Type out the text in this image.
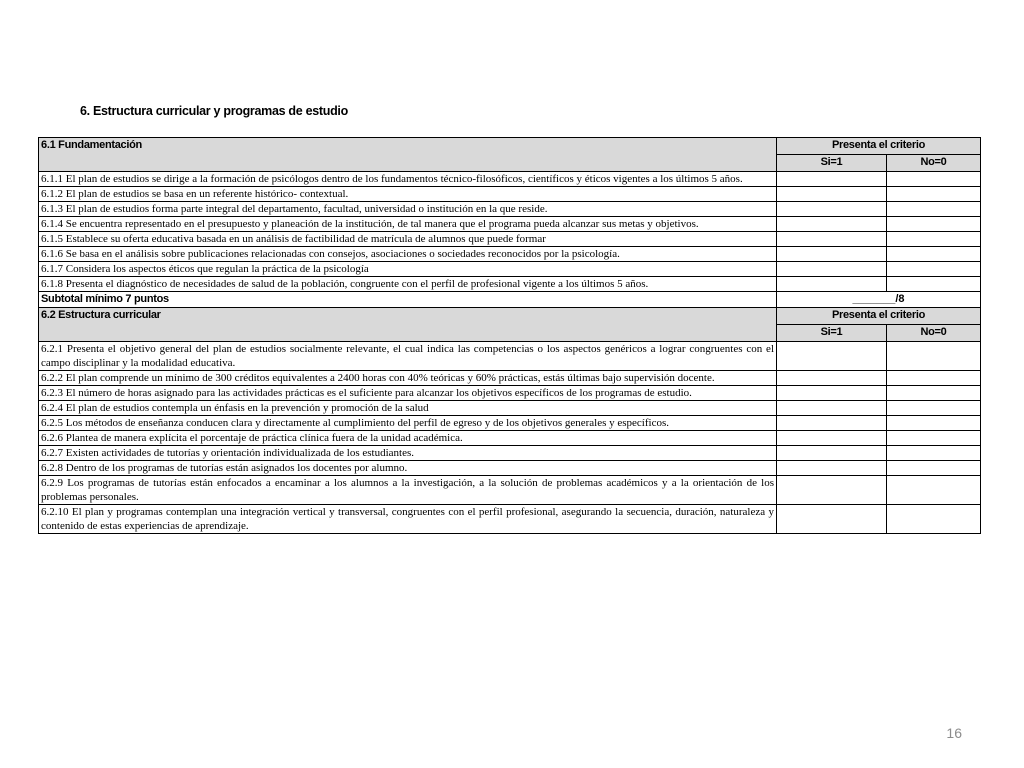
6. Estructura curricular y programas de estudio
6.1 Fundamentación	Presenta el criterio	
	Si=1	No=0
6.1.1 El plan de estudios se dirige a la formación de psicólogos dentro de los fundamentos técnico-filosóficos, científicos y éticos vigentes a los últimos 5 años.		
6.1.2 El plan de estudios se basa en un referente histórico- contextual.		
6.1.3 El plan de estudios forma parte integral del departamento, facultad, universidad o institución en la que reside.		
6.1.4 Se encuentra representado en el presupuesto y planeación de la institución, de tal manera que el programa pueda alcanzar sus metas y objetivos.		
6.1.5 Establece su oferta educativa basada en un análisis de factibilidad de matrícula de alumnos que puede formar		
6.1.6 Se basa en el análisis sobre publicaciones relacionadas con consejos, asociaciones o sociedades reconocidos por la psicología.		
6.1.7 Considera los aspectos éticos que regulan la práctica de la psicología		
6.1.8 Presenta el diagnóstico de necesidades de salud de la población, congruente con el perfil de profesional vigente a los últimos 5 años.		
Subtotal mínimo 7 puntos	_______/8	
6.2 Estructura curricular	Presenta el criterio	
	Si=1	No=0
6.2.1 Presenta el objetivo general del plan de estudios socialmente relevante, el cual indica las competencias o los aspectos genéricos a lograr congruentes con el campo disciplinar y la modalidad educativa.		
6.2.2 El plan comprende un mínimo de 300 créditos equivalentes a 2400 horas con 40% teóricas y 60% prácticas, estás últimas bajo supervisión docente.		
6.2.3 El número de horas asignado para las actividades prácticas es el suficiente para alcanzar los objetivos específicos de los programas de estudio.		
6.2.4 El plan de estudios contempla un énfasis en la prevención y promoción de la salud		
6.2.5 Los métodos de enseñanza conducen clara y directamente al cumplimiento del perfil de egreso y de los objetivos generales y específicos.		
6.2.6 Plantea de manera explícita el porcentaje de práctica clínica fuera de la unidad académica.		
6.2.7 Existen actividades de tutorías y orientación individualizada de los estudiantes.		
6.2.8 Dentro de los programas de tutorías están asignados los docentes por alumno.		
6.2.9 Los programas de tutorías están enfocados a encaminar a los alumnos a la investigación, a la solución de problemas académicos y a la orientación de los problemas personales.		
6.2.10 El plan y programas contemplan una integración vertical y transversal, congruentes con el perfil profesional, asegurando la secuencia, duración, naturaleza y contenido de estas experiencias de aprendizaje.		
16
